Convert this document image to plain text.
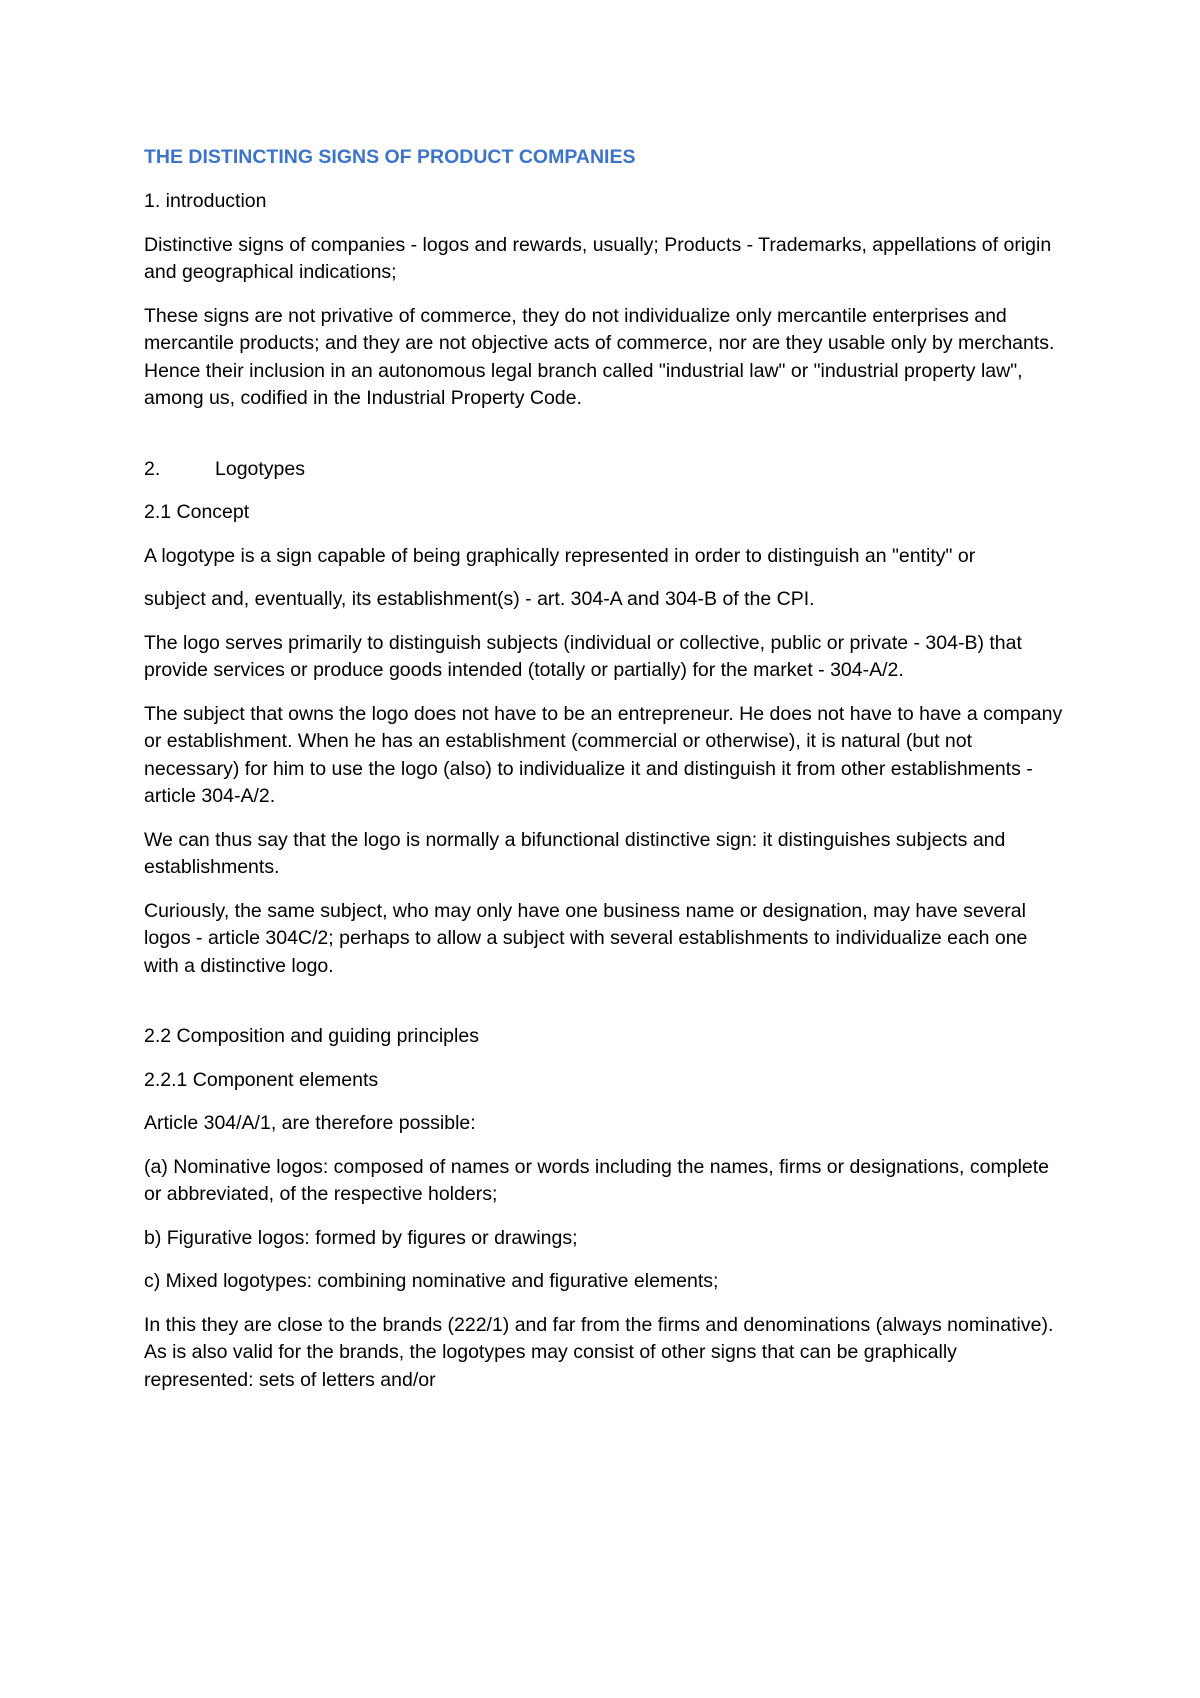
THE DISTINCTING SIGNS OF PRODUCT COMPANIES

1. introduction

Distinctive signs of companies - logos and rewards, usually; Products - Trademarks, appellations of origin and geographical indications;

These signs are not privative of commerce, they do not individualize only mercantile enterprises and mercantile products; and they are not objective acts of commerce, nor are they usable only by merchants. Hence their inclusion in an autonomous legal branch called "industrial law" or "industrial property law", among us, codified in the Industrial Property Code.

2.	Logotypes

2.1 Concept

A logotype is a sign capable of being graphically represented in order to distinguish an "entity" or

subject and, eventually, its establishment(s) - art. 304-A and 304-B of the CPI.

The logo serves primarily to distinguish subjects (individual or collective, public or private - 304-B) that provide services or produce goods intended (totally or partially) for the market - 304-A/2.

The subject that owns the logo does not have to be an entrepreneur. He does not have to have a company or establishment. When he has an establishment (commercial or otherwise), it is natural (but not necessary) for him to use the logo (also) to individualize it and distinguish it from other establishments - article 304-A/2.

We can thus say that the logo is normally a bifunctional distinctive sign: it distinguishes subjects and establishments.

Curiously, the same subject, who may only have one business name or designation, may have several logos - article 304C/2; perhaps to allow a subject with several establishments to individualize each one with a distinctive logo.

2.2 Composition and guiding principles

2.2.1 Component elements

Article 304/A/1, are therefore possible:

(a) Nominative logos: composed of names or words including the names, firms or designations, complete or abbreviated, of the respective holders;

b) Figurative logos: formed by figures or drawings;

c) Mixed logotypes: combining nominative and figurative elements;

In this they are close to the brands (222/1) and far from the firms and denominations (always nominative). As is also valid for the brands, the logotypes may consist of other signs that can be graphically represented: sets of letters and/or
